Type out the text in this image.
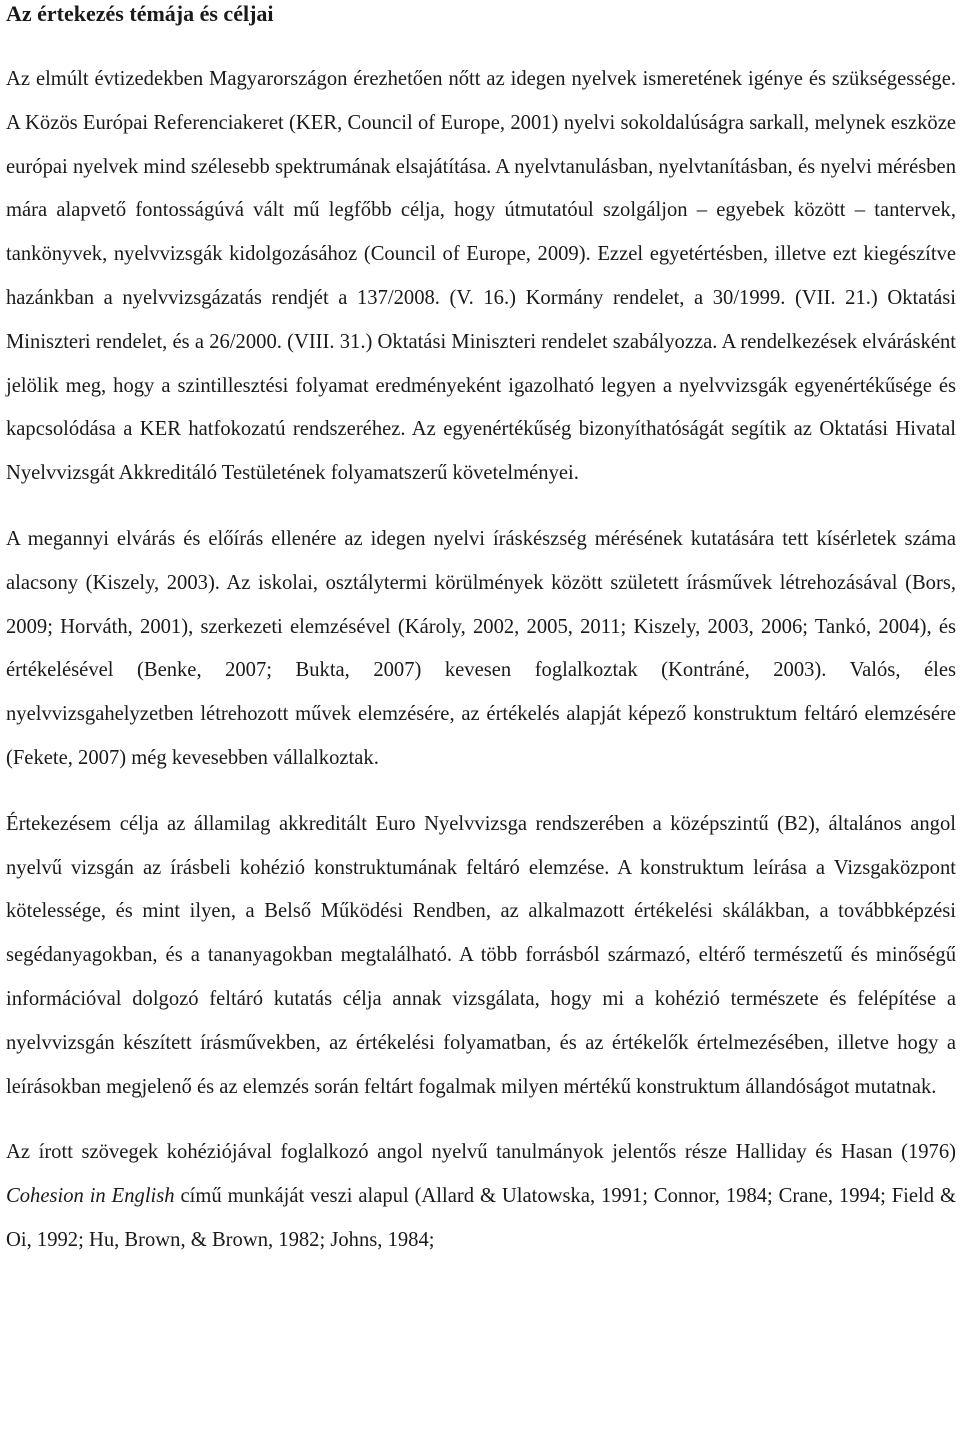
Az értekezés témája és céljai

Az elmúlt évtizedekben Magyarországon érezhetően nőtt az idegen nyelvek ismeretének igénye és szükségessége. A Közös Európai Referenciakeret (KER, Council of Europe, 2001) nyelvi sokoldalúságra sarkall, melynek eszköze európai nyelvek mind szélesebb spektrumának elsajátítása. A nyelvtanulásban, nyelvtanításban, és nyelvi mérésben mára alapvető fontosságúvá vált mű legfőbb célja, hogy útmutatóul szolgáljon – egyebek között – tantervek, tankönyvek, nyelvvizsgák kidolgozásához (Council of Europe, 2009). Ezzel egyetértésben, illetve ezt kiegészítve hazánkban a nyelvvizsgázatás rendjét a 137/2008. (V. 16.) Kormány rendelet, a 30/1999. (VII. 21.) Oktatási Miniszteri rendelet, és a 26/2000. (VIII. 31.) Oktatási Miniszteri rendelet szabályozza. A rendelkezések elvárásként jelölik meg, hogy a szintillesztési folyamat eredményeként igazolható legyen a nyelvvizsgák egyenértékűsége és kapcsolódása a KER hatfokozatú rendszeréhez. Az egyenértékűség bizonyíthatóságát segítik az Oktatási Hivatal Nyelvvizsgát Akkreditáló Testületének folyamatszerű követelményei.

A megannyi elvárás és előírás ellenére az idegen nyelvi íráskészség mérésének kutatására tett kísérletek száma alacsony (Kiszely, 2003). Az iskolai, osztálytermi körülmények között született írásművek létrehozásával (Bors, 2009; Horváth, 2001), szerkezeti elemzésével (Károly, 2002, 2005, 2011; Kiszely, 2003, 2006; Tankó, 2004), és értékelésével (Benke, 2007; Bukta, 2007) kevesen foglalkoztak (Kontráné, 2003). Valós, éles nyelvvizsgahelyzetben létrehozott művek elemzésére, az értékelés alapját képező konstruktum feltáró elemzésére (Fekete, 2007) még kevesebben vállalkoztak.

Értekezésem célja az államilag akkreditált Euro Nyelvvizsga rendszerében a középszintű (B2), általános angol nyelvű vizsgán az írásbeli kohézió konstruktumának feltáró elemzése. A konstruktum leírása a Vizsgaközpont kötelessége, és mint ilyen, a Belső Működési Rendben, az alkalmazott értékelési skálákban, a továbbképzési segédanyagokban, és a tananyagokban megtalálható. A több forrásból származó, eltérő természetű és minőségű információval dolgozó feltáró kutatás célja annak vizsgálata, hogy mi a kohézió természete és felépítése a nyelvvizsgán készített írásművekben, az értékelési folyamatban, és az értékelők értelmezésében, illetve hogy a leírásokban megjelenő és az elemzés során feltárt fogalmak milyen mértékű konstruktum állandóságot mutatnak.

Az írott szövegek kohéziójával foglalkozó angol nyelvű tanulmányok jelentős része Halliday és Hasan (1976) Cohesion in English című munkáját veszi alapul (Allard & Ulatowska, 1991; Connor, 1984; Crane, 1994; Field & Oi, 1992; Hu, Brown, & Brown, 1982; Johns, 1984;
